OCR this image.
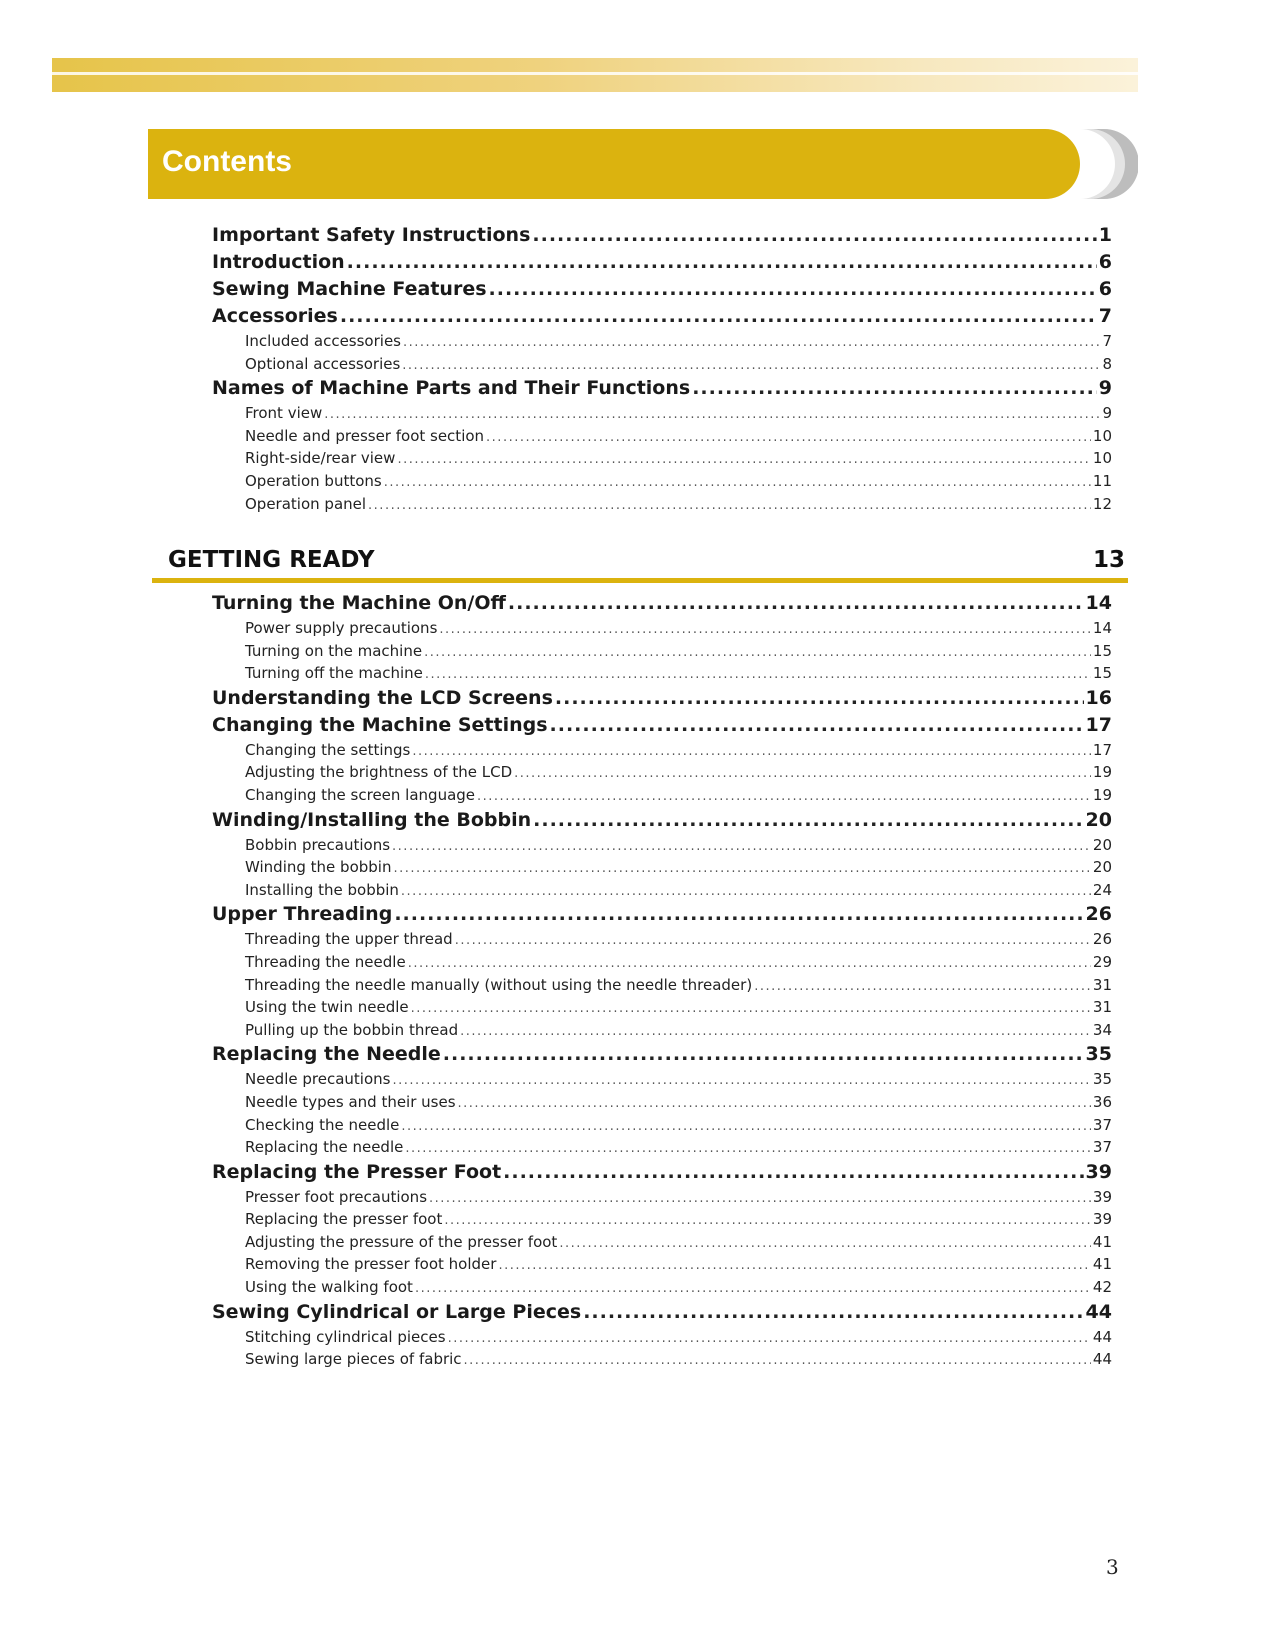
Contents
Important Safety Instructions .....	1
Introduction .....	6
Sewing Machine Features .....	6
Accessories .....	7
Included accessories .....	7
Optional accessories .....	8
Names of Machine Parts and Their Functions .....	9
Front view .....	9
Needle and presser foot section .....	10
Right-side/rear view .....	10
Operation buttons .....	11
Operation panel .....	12
GETTING READY	13
Turning the Machine On/Off .....	14
Power supply precautions .....	14
Turning on the machine .....	15
Turning off the machine .....	15
Understanding the LCD Screens .....	16
Changing the Machine Settings .....	17
Changing the settings .....	17
Adjusting the brightness of the LCD .....	19
Changing the screen language .....	19
Winding/Installing the Bobbin .....	20
Bobbin precautions .....	20
Winding the bobbin .....	20
Installing the bobbin .....	24
Upper Threading .....	26
Threading the upper thread .....	26
Threading the needle .....	29
Threading the needle manually (without using the needle threader) .....	31
Using the twin needle .....	31
Pulling up the bobbin thread .....	34
Replacing the Needle .....	35
Needle precautions .....	35
Needle types and their uses .....	36
Checking the needle .....	37
Replacing the needle .....	37
Replacing the Presser Foot .....	39
Presser foot precautions .....	39
Replacing the presser foot .....	39
Adjusting the pressure of the presser foot .....	41
Removing the presser foot holder .....	41
Using the walking foot .....	42
Sewing Cylindrical or Large Pieces .....	44
Stitching cylindrical pieces .....	44
Sewing large pieces of fabric .....	44
3
